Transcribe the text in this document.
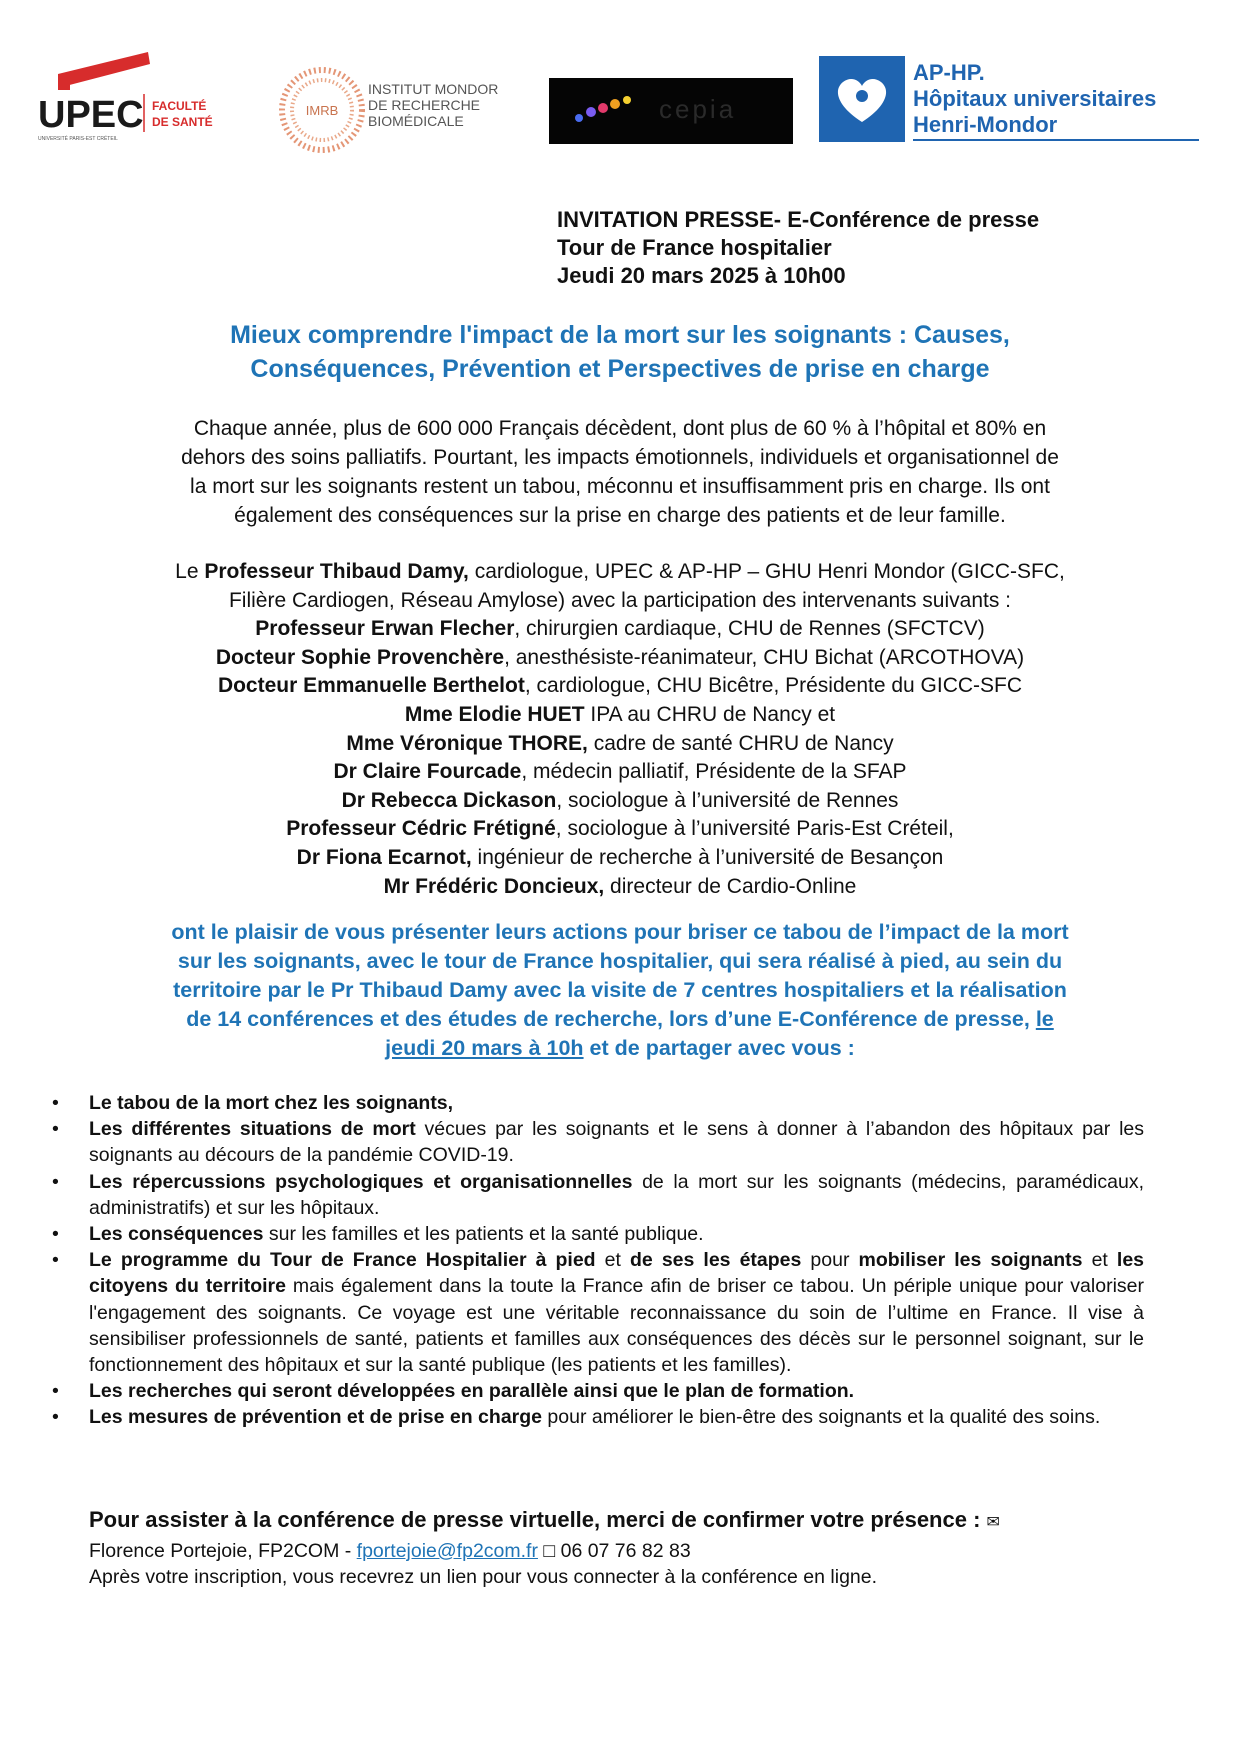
UPEC FACULTÉ
DE SANTÉ
UNIVERSITÉ PARIS-EST CRÉTEIL
IMRB
INSTITUT MONDOR
DE RECHERCHE
BIOMÉDICALE	cepia
AP-HP.
Hôpitaux universitaires
Henri-Mondor
INVITATION PRESSE- E-Conférence de presse
Tour de France hospitalier
Jeudi 20 mars 2025 à 10h00
Mieux comprendre l'impact de la mort sur les soignants : Causes,
Conséquences, Prévention et Perspectives de prise en charge
Chaque année, plus de 600 000 Français décèdent, dont plus de 60 % à l’hôpital et 80% en
dehors des soins palliatifs. Pourtant, les impacts émotionnels, individuels et organisationnel de
la mort sur les soignants restent un tabou, méconnu et insuffisamment pris en charge. Ils ont
également des conséquences sur la prise en charge des patients et de leur famille.
Le Professeur Thibaud Damy, cardiologue, UPEC & AP-HP – GHU Henri Mondor (GICC-SFC,
Filière Cardiogen, Réseau Amylose) avec la participation des intervenants suivants :
Professeur Erwan Flecher, chirurgien cardiaque, CHU de Rennes (SFCTCV)
Docteur Sophie Provenchère, anesthésiste-réanimateur, CHU Bichat (ARCOTHOVA)
Docteur Emmanuelle Berthelot, cardiologue, CHU Bicêtre, Présidente du GICC-SFC
Mme Elodie HUET IPA au CHRU de Nancy et
Mme Véronique THORE, cadre de santé CHRU de Nancy
Dr Claire Fourcade, médecin palliatif, Présidente de la SFAP
Dr Rebecca Dickason, sociologue à l’université de Rennes
Professeur Cédric Frétigné, sociologue à l’université Paris-Est Créteil,
Dr Fiona Ecarnot, ingénieur de recherche à l’université de Besançon
Mr Frédéric Doncieux, directeur de Cardio-Online
ont le plaisir de vous présenter leurs actions pour briser ce tabou de l’impact de la mort
sur les soignants, avec le tour de France hospitalier, qui sera réalisé à pied, au sein du
territoire par le Pr Thibaud Damy avec la visite de 7 centres hospitaliers et la réalisation
de 14 conférences et des études de recherche, lors d’une E-Conférence de presse, le
jeudi 20 mars à 10h et de partager avec vous :
• Le tabou de la mort chez les soignants,
• Les différentes situations de mort vécues par les soignants et le sens à donner à l’abandon des hôpitaux par les soignants au décours de la pandémie COVID-19.
• Les répercussions psychologiques et organisationnelles de la mort sur les soignants (médecins, paramédicaux, administratifs) et sur les hôpitaux.
• Les conséquences sur les familles et les patients et la santé publique.
• Le programme du Tour de France Hospitalier à pied et de ses les étapes pour mobiliser les soignants et les citoyens du territoire mais également dans la toute la France afin de briser ce tabou. Un périple unique pour valoriser l'engagement des soignants. Ce voyage est une véritable reconnaissance du soin de l’ultime en France. Il vise à sensibiliser professionnels de santé, patients et familles aux conséquences des décès sur le personnel soignant, sur le fonctionnement des hôpitaux et sur la santé publique (les patients et les familles).
• Les recherches qui seront développées en parallèle ainsi que le plan de formation.
• Les mesures de prévention et de prise en charge pour améliorer le bien-être des soignants et la qualité des soins.
Pour assister à la conférence de presse virtuelle, merci de confirmer votre présence : ✉
Florence Portejoie, FP2COM - fportejoie@fp2com.fr □ 06 07 76 82 83
Après votre inscription, vous recevrez un lien pour vous connecter à la conférence en ligne.
